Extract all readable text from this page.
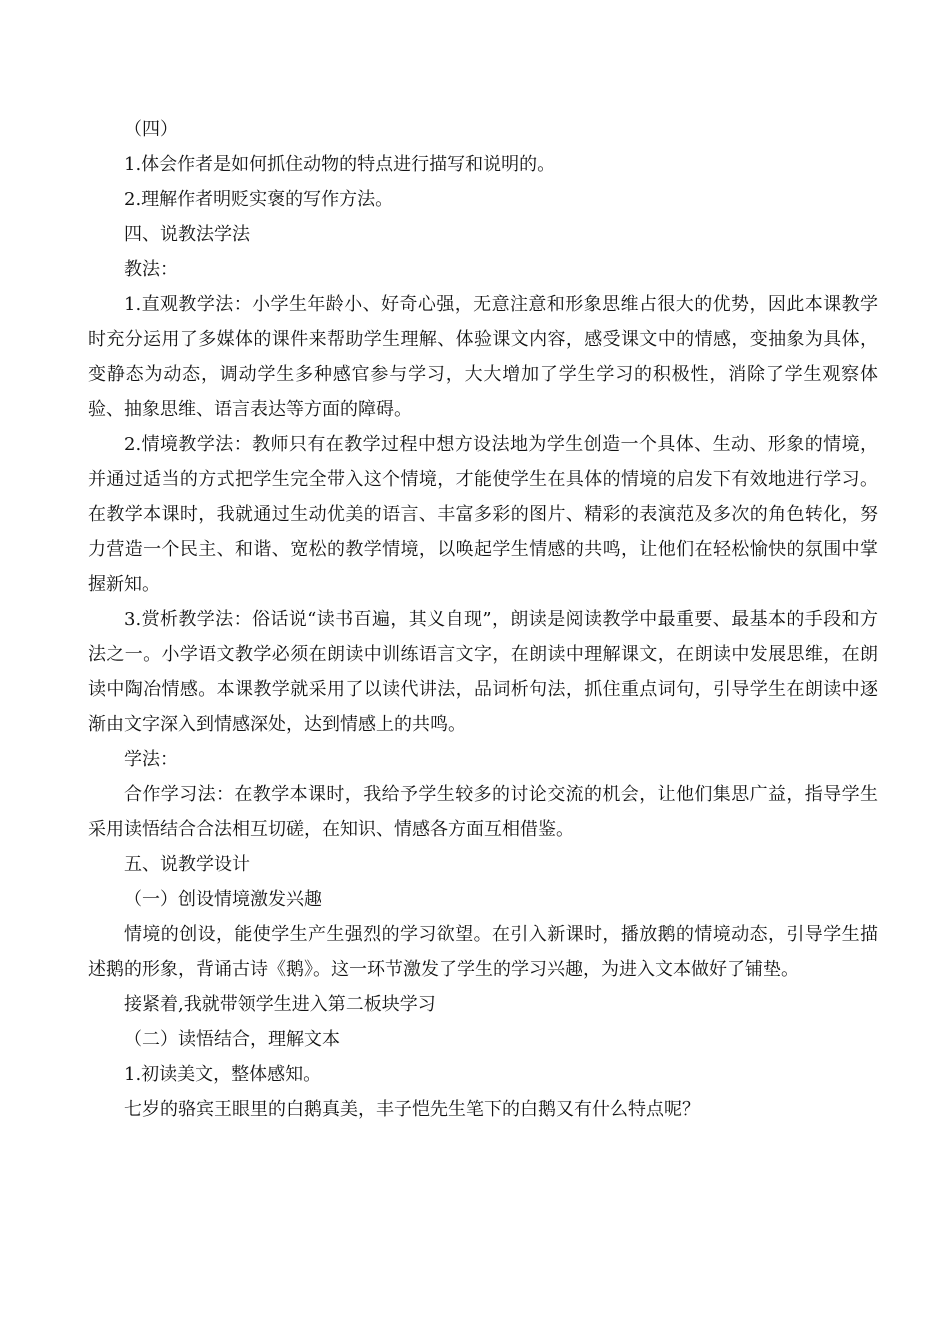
（四）

1.体会作者是如何抓住动物的特点进行描写和说明的。

2.理解作者明贬实褒的写作方法。

四、说教法学法

教法：

1.直观教学法：小学生年龄小、好奇心强，无意注意和形象思维占很大的优势，因此本课教学时充分运用了多媒体的课件来帮助学生理解、体验课文内容，感受课文中的情感，变抽象为具体，变静态为动态，调动学生多种感官参与学习，大大增加了学生学习的积极性，消除了学生观察体验、抽象思维、语言表达等方面的障碍。

2.情境教学法：教师只有在教学过程中想方设法地为学生创造一个具体、生动、形象的情境，并通过适当的方式把学生完全带入这个情境，才能使学生在具体的情境的启发下有效地进行学习。在教学本课时，我就通过生动优美的语言、丰富多彩的图片、精彩的表演范及多次的角色转化，努力营造一个民主、和谐、宽松的教学情境，以唤起学生情感的共鸣，让他们在轻松愉快的氛围中掌握新知。

3.赏析教学法：俗话说“读书百遍，其义自现”，朗读是阅读教学中最重要、最基本的手段和方法之一。小学语文教学必须在朗读中训练语言文字，在朗读中理解课文，在朗读中发展思维，在朗读中陶冶情感。本课教学就采用了以读代讲法，品词析句法，抓住重点词句，引导学生在朗读中逐渐由文字深入到情感深处，达到情感上的共鸣。

学法：

合作学习法：在教学本课时，我给予学生较多的讨论交流的机会，让他们集思广益，指导学生采用读悟结合合法相互切磋，在知识、情感各方面互相借鉴。

五、说教学设计

（一）创设情境激发兴趣

情境的创设，能使学生产生强烈的学习欲望。在引入新课时，播放鹅的情境动态，引导学生描述鹅的形象，背诵古诗《鹅》。这一环节激发了学生的学习兴趣，为进入文本做好了铺垫。

接紧着,我就带领学生进入第二板块学习

（二）读悟结合，理解文本

1.初读美文，整体感知。

七岁的骆宾王眼里的白鹅真美，丰子恺先生笔下的白鹅又有什么特点呢？
